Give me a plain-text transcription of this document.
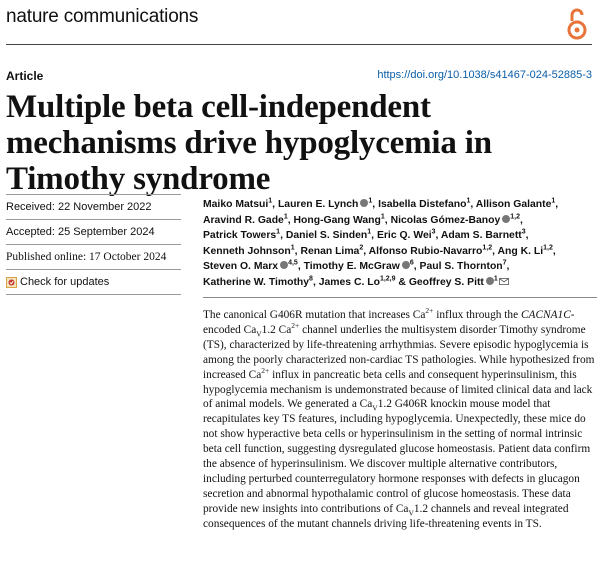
nature communications
Article	https://doi.org/10.1038/s41467-024-52885-3
Multiple beta cell-independent mechanisms drive hypoglycemia in Timothy syndrome
Received: 22 November 2022
Accepted: 25 September 2024
Published online: 17 October 2024
Check for updates
Maiko Matsui$^1$, Lauren E. Lynch $^1$, Isabella Distefano$^1$, Allison Galante$^1$, Aravind R. Gade$^1$, Hong-Gang Wang$^1$, Nicolas Gómez-Banoy $^{1,2}$, Patrick Towers$^1$, Daniel S. Sinden$^1$, Eric Q. Wei$^3$, Adam S. Barnett$^3$, Kenneth Johnson$^1$, Renan Lima$^2$, Alfonso Rubio-Navarro$^{1,2}$, Ang K. Li$^{1,2}$, Steven O. Marx $^{4,5}$, Timothy E. McGraw $^6$, Paul S. Thornton$^7$, Katherine W. Timothy$^8$, James C. Lo$^{1,2,9}$ & Geoffrey S. Pitt $^1$

The canonical G406R mutation that increases $Ca^{2+}$ influx through the CACNA1C-encoded $Ca_V1.2$ $Ca^{2+}$ channel underlies the multisystem disorder Timothy syndrome (TS), characterized by life-threatening arrhythmias. Severe episodic hypoglycemia is among the poorly characterized non-cardiac TS pathologies. While hypothesized from increased $Ca^{2+}$ influx in pancreatic beta cells and consequent hyperinsulinism, this hypoglycemia mechanism is undemonstrated because of limited clinical data and lack of animal models. We generated a $Ca_V1.2$ G406R knockin mouse model that recapitulates key TS features, including hypoglycemia. Unexpectedly, these mice do not show hyperactive beta cells or hyperinsulinism in the setting of normal intrinsic beta cell function, suggesting dysregulated glucose homeostasis. Patient data confirm the absence of hyperinsulinism. We discover multiple alternative contributors, including perturbed counterregulatory hormone responses with defects in glucagon secretion and abnormal hypothalamic control of glucose homeostasis. These data provide new insights into contributions of $Ca_V1.2$ channels and reveal integrated consequences of the mutant channels driving life-threatening events in TS.
